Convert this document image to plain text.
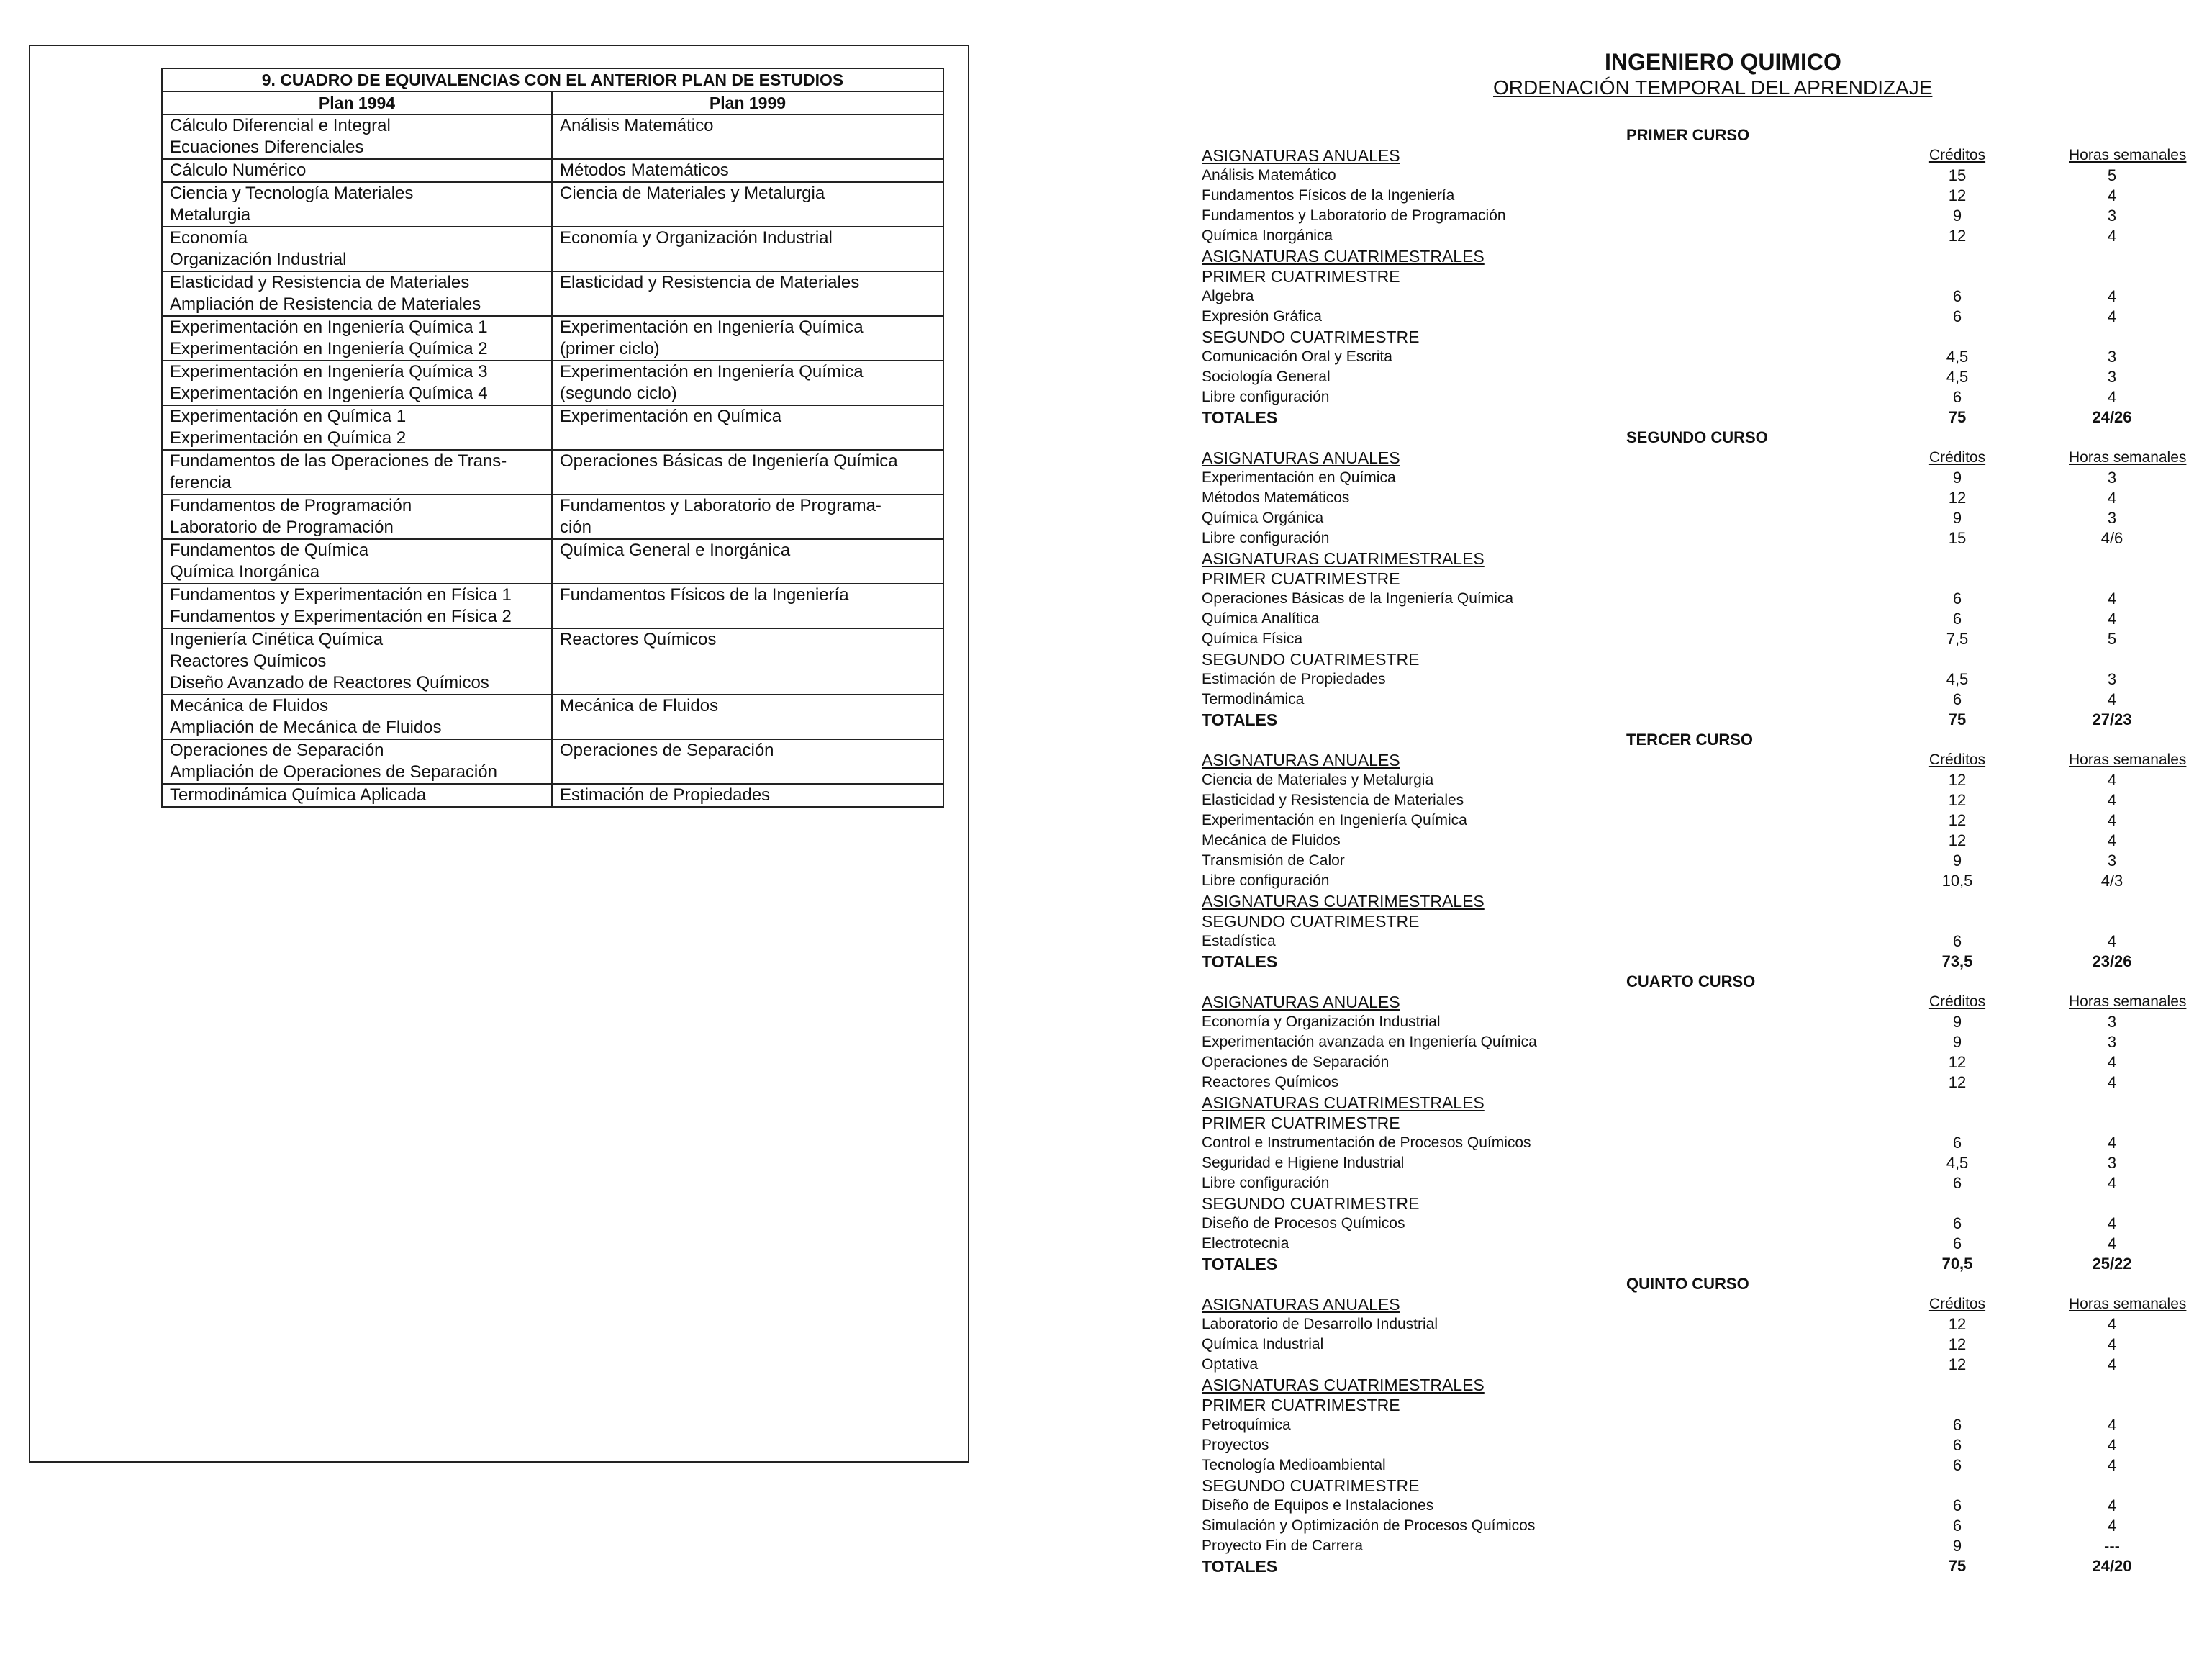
9. CUADRO DE EQUIVALENCIAS CON EL ANTERIOR PLAN DE ESTUDIOS	
Plan 1994	Plan 1999

Cálculo Diferencial e Integral
Ecuaciones Diferenciales	Análisis Matemático

Cálculo Numérico	Métodos Matemáticos

Ciencia y Tecnología Materiales
Metalurgia	Ciencia de Materiales y Metalurgia

Economía
Organización Industrial	Economía y Organización Industrial

Elasticidad y Resistencia de Materiales
Ampliación de Resistencia de Materiales	Elasticidad y Resistencia de Materiales

Experimentación en Ingeniería Química 1
Experimentación en Ingeniería Química 2	Experimentación en Ingeniería Química
(primer ciclo)

Experimentación en Ingeniería Química 3
Experimentación en Ingeniería Química 4	Experimentación en Ingeniería Química
(segundo ciclo)

Experimentación en Química 1
Experimentación en Química 2	Experimentación en Química

Fundamentos de las Operaciones de Trans-
ferencia	Operaciones Básicas de Ingeniería Química

Fundamentos de Programación
Laboratorio de Programación	Fundamentos y Laboratorio de Programa-
ción

Fundamentos de Química
Química Inorgánica	Química General e Inorgánica

Fundamentos y Experimentación en Física 1
Fundamentos y Experimentación en Física 2	Fundamentos Físicos de la Ingeniería

Ingeniería Cinética Química
Reactores Químicos
Diseño Avanzado de Reactores Químicos	Reactores Químicos

Mecánica de Fluidos
Ampliación de Mecánica de Fluidos	Mecánica de Fluidos

Operaciones de Separación
Ampliación de Operaciones de Separación	Operaciones de Separación

Termodinámica Química Aplicada	Estimación de Propiedades
INGENIERO QUIMICO
ORDENACIÓN TEMPORAL DEL APRENDIZAJE
PRIMER CURSO
ASIGNATURAS ANUALES	Créditos	Horas semanales
Análisis Matemático	15	5
Fundamentos Físicos de la Ingeniería	12	4
Fundamentos y Laboratorio de Programación	9	3
Química Inorgánica	12	4
ASIGNATURAS CUATRIMESTRALES
PRIMER CUATRIMESTRE
Algebra	6	4
Expresión Gráfica	6	4
SEGUNDO CUATRIMESTRE
Comunicación Oral y Escrita	4,5	3
Sociología General	4,5	3
Libre configuración	6	4
TOTALES	75	24/26
SEGUNDO CURSO
ASIGNATURAS ANUALES	Créditos	Horas semanales
Experimentación en Química	9	3
Métodos Matemáticos	12	4
Química Orgánica	9	3
Libre configuración	15	4/6
ASIGNATURAS CUATRIMESTRALES
PRIMER CUATRIMESTRE
Operaciones Básicas de la Ingeniería Química	6	4
Química Analítica	6	4
Química Física	7,5	5
SEGUNDO CUATRIMESTRE
Estimación de Propiedades	4,5	3
Termodinámica	6	4
TOTALES	75	27/23
TERCER CURSO
ASIGNATURAS ANUALES	Créditos	Horas semanales
Ciencia de Materiales y Metalurgia	12	4
Elasticidad y Resistencia de Materiales	12	4
Experimentación en Ingeniería Química	12	4
Mecánica de Fluidos	12	4
Transmisión de Calor	9	3
Libre configuración	10,5	4/3
ASIGNATURAS CUATRIMESTRALES
SEGUNDO CUATRIMESTRE
Estadística	6	4
TOTALES	73,5	23/26
CUARTO CURSO
ASIGNATURAS ANUALES	Créditos	Horas semanales
Economía y Organización Industrial	9	3
Experimentación avanzada en Ingeniería Química	9	3
Operaciones de Separación	12	4
Reactores Químicos	12	4
ASIGNATURAS CUATRIMESTRALES
PRIMER CUATRIMESTRE
Control e Instrumentación de Procesos Químicos	6	4
Seguridad e Higiene Industrial	4,5	3
Libre configuración	6	4
SEGUNDO CUATRIMESTRE
Diseño de Procesos Químicos	6	4
Electrotecnia	6	4
TOTALES	70,5	25/22
QUINTO CURSO
ASIGNATURAS ANUALES	Créditos	Horas semanales
Laboratorio de Desarrollo Industrial	12	4
Química Industrial	12	4
Optativa	12	4
ASIGNATURAS CUATRIMESTRALES
PRIMER CUATRIMESTRE
Petroquímica	6	4
Proyectos	6	4
Tecnología Medioambiental	6	4
SEGUNDO CUATRIMESTRE
Diseño de Equipos e Instalaciones	6	4
Simulación y Optimización de Procesos Químicos	6	4
Proyecto Fin de Carrera	9	---
TOTALES	75	24/20
